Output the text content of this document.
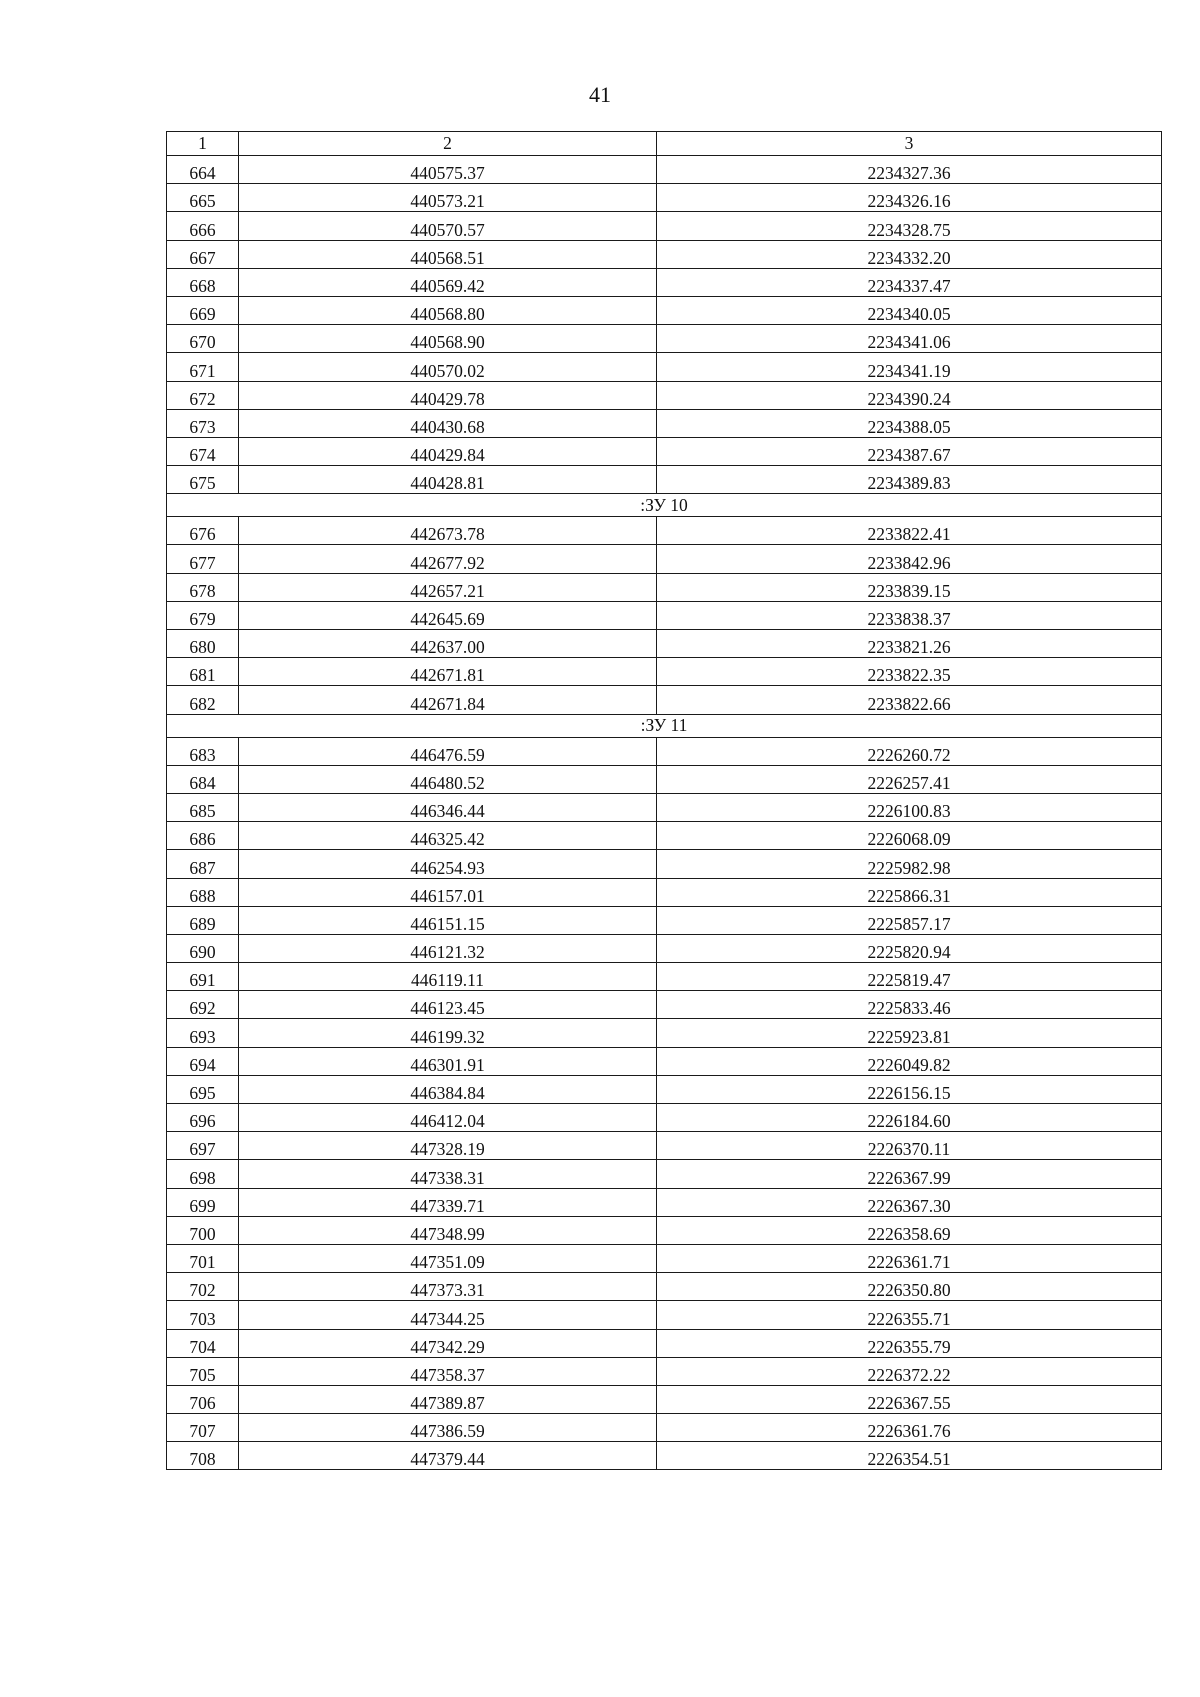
41
1	2	3
664	440575.37	2234327.36
665	440573.21	2234326.16
666	440570.57	2234328.75
667	440568.51	2234332.20
668	440569.42	2234337.47
669	440568.80	2234340.05
670	440568.90	2234341.06
671	440570.02	2234341.19
672	440429.78	2234390.24
673	440430.68	2234388.05
674	440429.84	2234387.67
675	440428.81	2234389.83
:ЗУ 10		
676	442673.78	2233822.41
677	442677.92	2233842.96
678	442657.21	2233839.15
679	442645.69	2233838.37
680	442637.00	2233821.26
681	442671.81	2233822.35
682	442671.84	2233822.66
:ЗУ 11		
683	446476.59	2226260.72
684	446480.52	2226257.41
685	446346.44	2226100.83
686	446325.42	2226068.09
687	446254.93	2225982.98
688	446157.01	2225866.31
689	446151.15	2225857.17
690	446121.32	2225820.94
691	446119.11	2225819.47
692	446123.45	2225833.46
693	446199.32	2225923.81
694	446301.91	2226049.82
695	446384.84	2226156.15
696	446412.04	2226184.60
697	447328.19	2226370.11
698	447338.31	2226367.99
699	447339.71	2226367.30
700	447348.99	2226358.69
701	447351.09	2226361.71
702	447373.31	2226350.80
703	447344.25	2226355.71
704	447342.29	2226355.79
705	447358.37	2226372.22
706	447389.87	2226367.55
707	447386.59	2226361.76
708	447379.44	2226354.51
